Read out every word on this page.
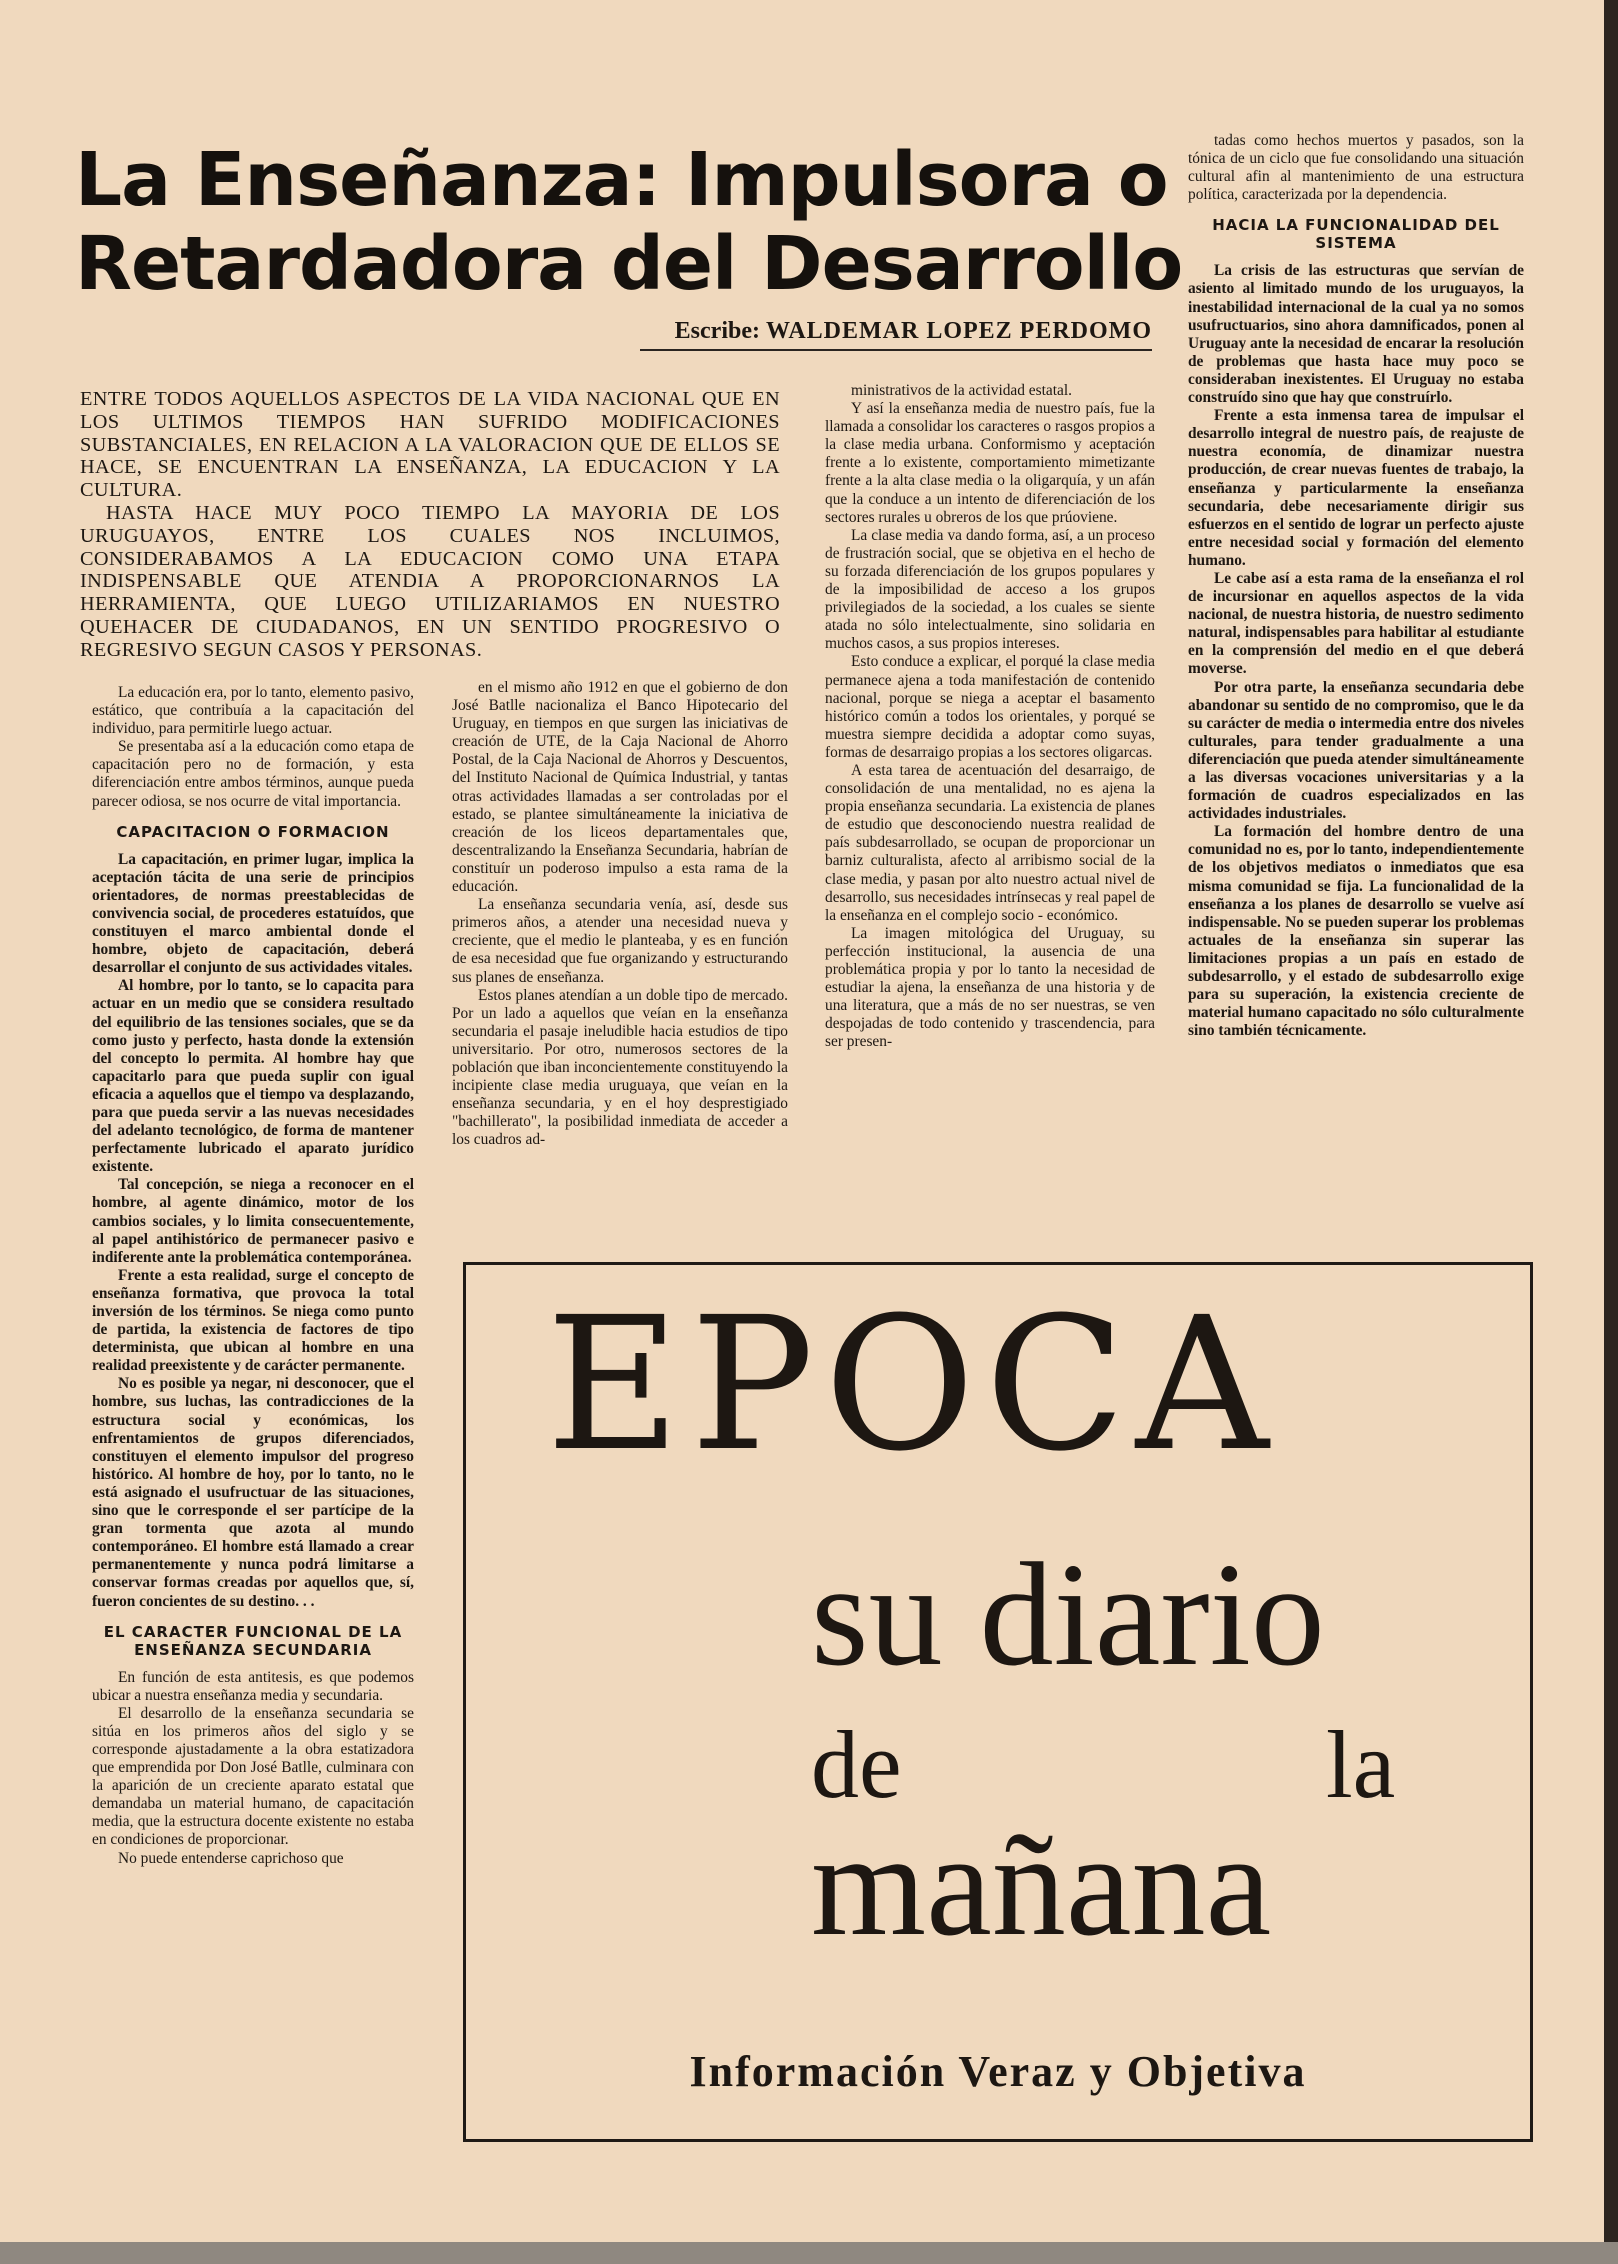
La Enseñanza: Impulsora o
Retardadora del Desarrollo
Escribe: WALDEMAR LOPEZ PERDOMO

ENTRE TODOS AQUELLOS ASPECTOS DE LA VIDA NACIONAL QUE EN LOS ULTIMOS TIEMPOS HAN SUFRIDO MODIFICACIONES SUBSTANCIALES, EN RELACION A LA VALORACION QUE DE ELLOS SE HACE, SE ENCUENTRAN LA ENSEÑANZA, LA EDUCACION Y LA CULTURA.

HASTA HACE MUY POCO TIEMPO LA MAYORIA DE LOS URUGUAYOS, ENTRE LOS CUALES NOS INCLUIMOS, CONSIDERABAMOS A LA EDUCACION COMO UNA ETAPA INDISPENSABLE QUE ATENDIA A PROPORCIONARNOS LA HERRAMIENTA, QUE LUEGO UTILIZARIAMOS EN NUESTRO QUEHACER DE CIUDADANOS, EN UN SENTIDO PROGRESIVO O REGRESIVO SEGUN CASOS Y PERSONAS.

La educación era, por lo tanto, elemento pasivo, estático, que contribuía a la capacitación del individuo, para permitirle luego actuar.

Se presentaba así a la educación como etapa de capacitación pero no de formación, y esta diferenciación entre ambos términos, aunque pueda parecer odiosa, se nos ocurre de vital importancia.

CAPACITACION O FORMACION

La capacitación, en primer lugar, implica la aceptación tácita de una serie de principios orientadores, de normas preestablecidas de convivencia social, de procederes estatuídos, que constituyen el marco ambiental donde el hombre, objeto de capacitación, deberá desarrollar el conjunto de sus actividades vitales.

Al hombre, por lo tanto, se lo capacita para actuar en un medio que se considera resultado del equilibrio de las tensiones sociales, que se da como justo y perfecto, hasta donde la extensión del concepto lo permita. Al hombre hay que capacitarlo para que pueda suplir con igual eficacia a aquellos que el tiempo va desplazando, para que pueda servir a las nuevas necesidades del adelanto tecnológico, de forma de mantener perfectamente lubricado el aparato jurídico existente.

Tal concepción, se niega a reconocer en el hombre, al agente dinámico, motor de los cambios sociales, y lo limita consecuentemente, al papel antihistórico de permanecer pasivo e indiferente ante la problemática contemporánea.

Frente a esta realidad, surge el concepto de enseñanza formativa, que provoca la total inversión de los términos. Se niega como punto de partida, la existencia de factores de tipo determinista, que ubican al hombre en una realidad preexistente y de carácter permanente.

No es posible ya negar, ni desconocer, que el hombre, sus luchas, las contradicciones de la estructura social y económicas, los enfrentamientos de grupos diferenciados, constituyen el elemento impulsor del progreso histórico. Al hombre de hoy, por lo tanto, no le está asignado el usufructuar de las situaciones, sino que le corresponde el ser partícipe de la gran tormenta que azota al mundo contemporáneo. El hombre está llamado a crear permanentemente y nunca podrá limitarse a conservar formas creadas por aquellos que, sí, fueron concientes de su destino. . .

EL CARACTER FUNCIONAL DE LA ENSEÑANZA SECUNDARIA

En función de esta antitesis, es que podemos ubicar a nuestra enseñanza media y secundaria.

El desarrollo de la enseñanza secundaria se sitúa en los primeros años del siglo y se corresponde ajustadamente a la obra estatizadora que emprendida por Don José Batlle, culminara con la aparición de un creciente aparato estatal que demandaba un material humano, de capacitación media, que la estructura docente existente no estaba en condiciones de proporcionar.

No puede entenderse caprichoso que

en el mismo año 1912 en que el gobierno de don José Batlle nacionaliza el Banco Hipotecario del Uruguay, en tiempos en que surgen las iniciativas de creación de UTE, de la Caja Nacional de Ahorro Postal, de la Caja Nacional de Ahorros y Descuentos, del Instituto Nacional de Química Industrial, y tantas otras actividades llamadas a ser controladas por el estado, se plantee simultáneamente la iniciativa de creación de los liceos departamentales que, descentralizando la Enseñanza Secundaria, habrían de constituír un poderoso impulso a esta rama de la educación.

La enseñanza secundaria venía, así, desde sus primeros años, a atender una necesidad nueva y creciente, que el medio le planteaba, y es en función de esa necesidad que fue organizando y estructurando sus planes de enseñanza.

Estos planes atendían a un doble tipo de mercado. Por un lado a aquellos que veían en la enseñanza secundaria el pasaje ineludible hacia estudios de tipo universitario. Por otro, numerosos sectores de la población que iban inconcientemente constituyendo la incipiente clase media uruguaya, que veían en la enseñanza secundaria, y en el hoy desprestigiado "bachillerato", la posibilidad inmediata de acceder a los cuadros ad-

ministrativos de la actividad estatal.

Y así la enseñanza media de nuestro país, fue la llamada a consolidar los caracteres o rasgos propios a la clase media urbana. Conformismo y aceptación frente a lo existente, comportamiento mimetizante frente a la alta clase media o la oligarquía, y un afán que la conduce a un intento de diferenciación de los sectores rurales u obreros de los que prúoviene.

La clase media va dando forma, así, a un proceso de frustración social, que se objetiva en el hecho de su forzada diferenciación de los grupos populares y de la imposibilidad de acceso a los grupos privilegiados de la sociedad, a los cuales se siente atada no sólo intelectualmente, sino solidaria en muchos casos, a sus propios intereses.

Esto conduce a explicar, el porqué la clase media permanece ajena a toda manifestación de contenido nacional, porque se niega a aceptar el basamento histórico común a todos los orientales, y porqué se muestra siempre decidida a adoptar como suyas, formas de desarraigo propias a los sectores oligarcas.

A esta tarea de acentuación del desarraigo, de consolidación de una mentalidad, no es ajena la propia enseñanza secundaria. La existencia de planes de estudio que desconociendo nuestra realidad de país subdesarrollado, se ocupan de proporcionar un barniz culturalista, afecto al arribismo social de la clase media, y pasan por alto nuestro actual nivel de desarrollo, sus necesidades intrínsecas y real papel de la enseñanza en el complejo socio - económico.

La imagen mitológica del Uruguay, su perfección institucional, la ausencia de una problemática propia y por lo tanto la necesidad de estudiar la ajena, la enseñanza de una historia y de una literatura, que a más de no ser nuestras, se ven despojadas de todo contenido y trascendencia, para ser presen-

tadas como hechos muertos y pasados, son la tónica de un ciclo que fue consolidando una situación cultural afin al mantenimiento de una estructura política, caracterizada por la dependencia.

HACIA LA FUNCIONALIDAD DEL SISTEMA

La crisis de las estructuras que servían de asiento al limitado mundo de los uruguayos, la inestabilidad internacional de la cual ya no somos usufructuarios, sino ahora damnificados, ponen al Uruguay ante la necesidad de encarar la resolución de problemas que hasta hace muy poco se consideraban inexistentes. El Uruguay no estaba construído sino que hay que construírlo.

Frente a esta inmensa tarea de impulsar el desarrollo integral de nuestro país, de reajuste de nuestra economía, de dinamizar nuestra producción, de crear nuevas fuentes de trabajo, la enseñanza y particularmente la enseñanza secundaria, debe necesariamente dirigir sus esfuerzos en el sentido de lograr un perfecto ajuste entre necesidad social y formación del elemento humano.

Le cabe así a esta rama de la enseñanza el rol de incursionar en aquellos aspectos de la vida nacional, de nuestra historia, de nuestro sedimento natural, indispensables para habilitar al estudiante en la comprensión del medio en el que deberá moverse.

Por otra parte, la enseñanza secundaria debe abandonar su sentido de no compromiso, que le da su carácter de media o intermedia entre dos niveles culturales, para tender gradualmente a una diferenciación que pueda atender simultáneamente a las diversas vocaciones universitarias y a la formación de cuadros especializados en las actividades industriales.

La formación del hombre dentro de una comunidad no es, por lo tanto, independientemente de los objetivos mediatos o inmediatos que esa misma comunidad se fija. La funcionalidad de la enseñanza a los planes de desarrollo se vuelve así indispensable. No se pueden superar los problemas actuales de la enseñanza sin superar las limitaciones propias a un país en estado de subdesarrollo, y el estado de subdesarrollo exige para su superación, la existencia creciente de material humano capacitado no sólo culturalmente sino también técnicamente.

EPOCA
su diario
de	la
mañana
Información Veraz y Objetiva
